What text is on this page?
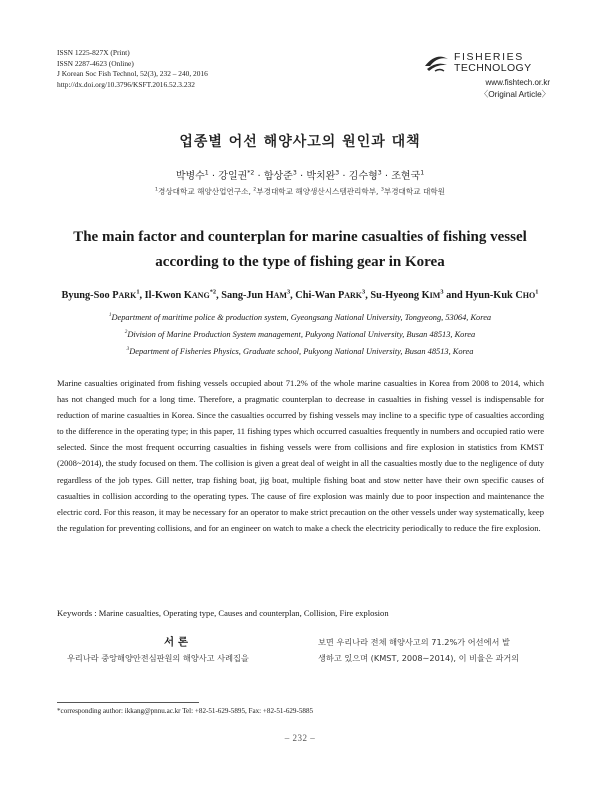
ISSN 1225-827X (Print)
ISSN 2287-4623 (Online)
J Korean Soc Fish Technol, 52(3), 232 – 240, 2016
http://dx.doi.org/10.3796/KSFT.2016.52.3.232
FISHERIES
TECHNOLOGY
www.fishtech.or.kr
〈Original Article〉
업종별 어선 해양사고의 원인과 대책
박병수$^1$ · 강일권$^{*2}$ · 함상준$^3$ · 박치완$^3$ · 김수형$^3$ · 조현국$^1$
$^1$경상대학교 해양산업연구소, $^2$부경대학교 해양생산시스템관리학부, $^3$부경대학교 대학원
The main factor and counterplan for marine casualties of fishing vessel
according to the type of fishing gear in Korea
Byung-Soo PARK$^1$, Il-Kwon KANG$^{*2}$, Sang-Jun HAM$^3$, Chi-Wan PARK$^3$, Su-Hyeong KIM$^3$ and Hyun-Kuk CHO$^1$
$^1$Department of maritime police & production system, Gyeongsang National University, Tongyeong, 53064, Korea
$^2$Division of Marine Production System management, Pukyong National University, Busan 48513, Korea
$^3$Department of Fisheries Physics, Graduate school, Pukyong National University, Busan 48513, Korea
Marine casualties originated from fishing vessels occupied about 71.2% of the whole marine casualties in Korea from 2008 to 2014, which has not changed much for a long time. Therefore, a pragmatic counterplan to decrease in casualties in fishing vessel is indispensable for reduction of marine casualties in Korea. Since the casualties occurred by fishing vessels may incline to a specific type of casualties according to the difference in the operating type; in this paper, 11 fishing types which occurred casualties frequently in numbers and occupied ratio were selected. Since the most frequent occurring casualties in fishing vessels were from collisions and fire explosion in statistics from KMST (2008~2014), the study focused on them. The collision is given a great deal of weight in all the casualties mostly due to the negligence of duty regardless of the job types. Gill netter, trap fishing boat, jig boat, multiple fishing boat and stow netter have their own specific causes of casualties in collision according to the operating types. The cause of fire explosion was mainly due to poor inspection and maintenance the electric cord. For this reason, it may be necessary for an operator to make strict precaution on the other vessels under way systematically, keep the regulation for preventing collisions, and for an engineer on watch to make a check the electricity periodically to reduce the fire explosion.
Keywords : Marine casualties, Operating type, Causes and counterplan, Collision, Fire explosion
서 론
우리나라 중앙해양안전심판원의 해양사고 사례집을
보면 우리나라 전체 해양사고의 71.2%가 어선에서 발
생하고 있으며 (KMST, 2008∼2014), 이 비율은 과거의
*corresponding author: ikkang@pnnu.ac.kr Tel: +82-51-629-5895, Fax: +82-51-629-5885
– 232 –
